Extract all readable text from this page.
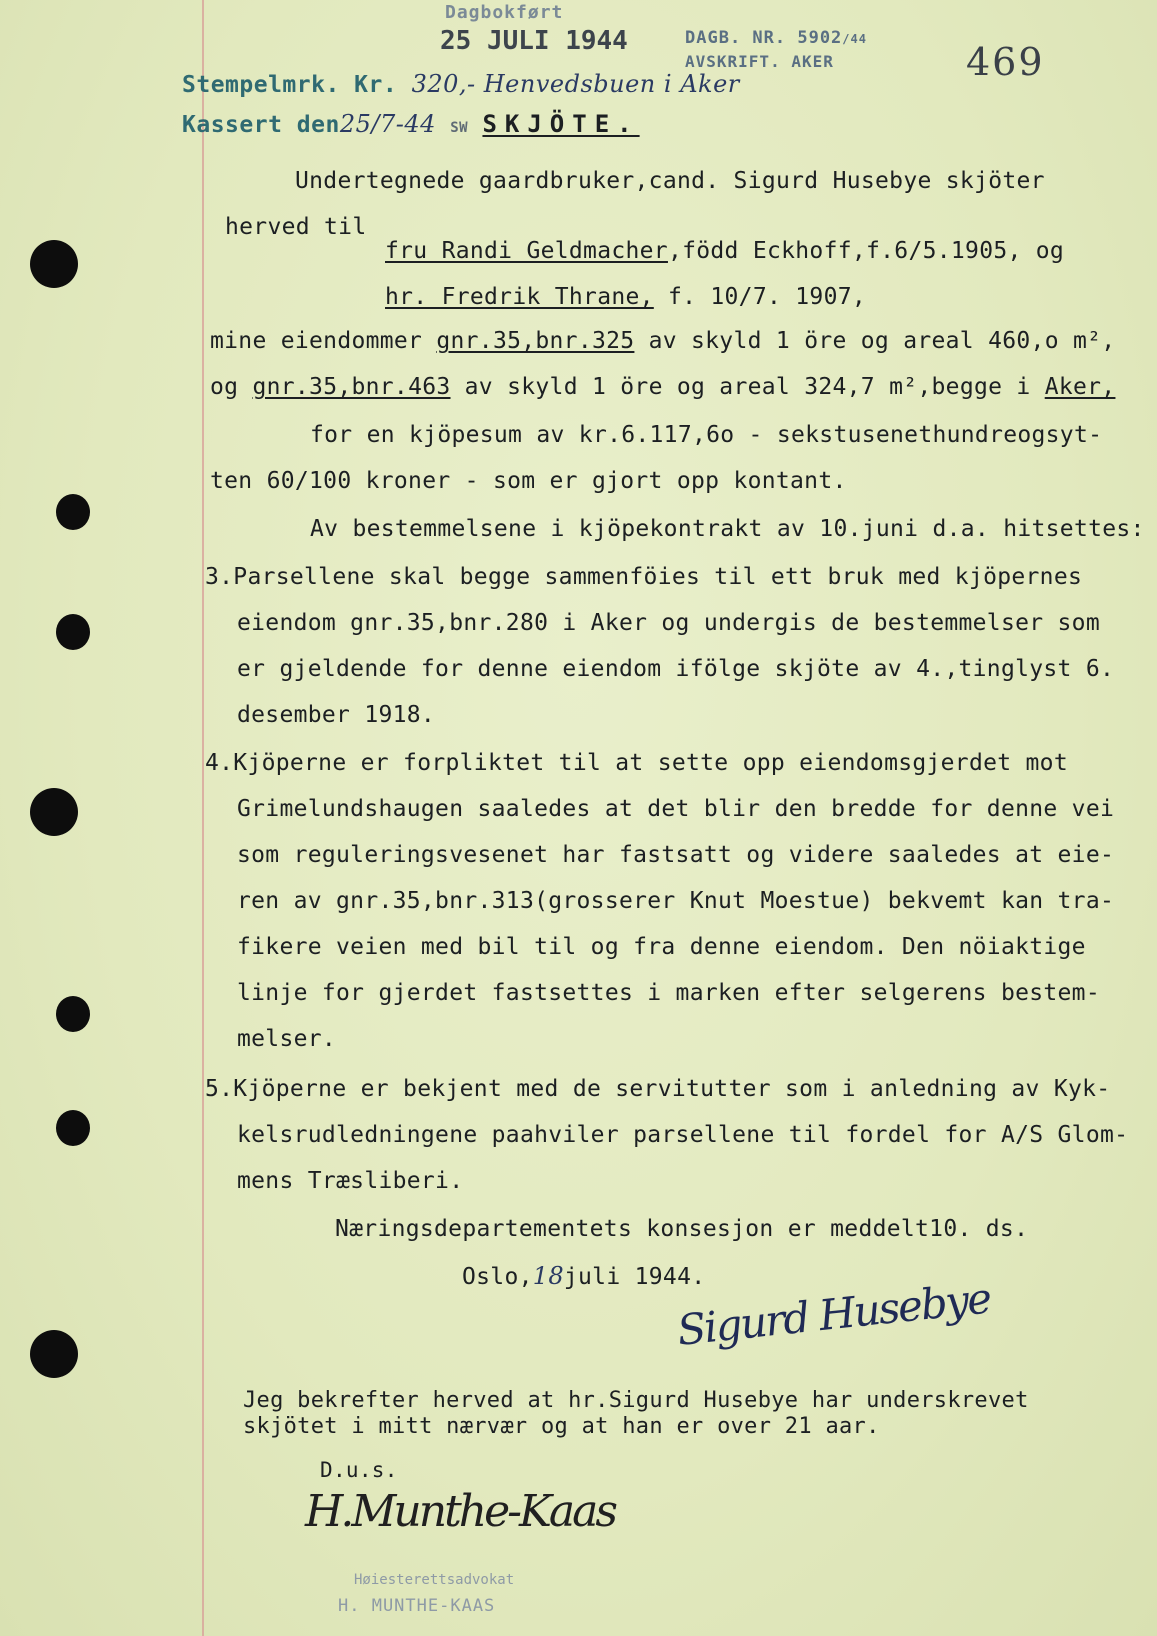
Dagbokført
25 JULI 1944	DAGB. NR. 5902/44
AVSKRIFT. AKER	469
Stempelmrk. Kr. 320,- Henvedsbuen i Aker
Kassert den25/7-44 SW SKJÖTE.
Undertegnede gaardbruker,cand. Sigurd Husebye skjöter
herved til
fru Randi Geldmacher,född Eckhoff,f.6/5.1905, og
hr. Fredrik Thrane, f. 10/7. 1907,
mine eiendommer gnr.35,bnr.325 av skyld 1 öre og areal 460,o m²,
og gnr.35,bnr.463 av skyld 1 öre og areal 324,7 m²,begge i Aker,
for en kjöpesum av kr.6.117,6o - sekstusenethundreogsyt-
ten 60/100 kroner - som er gjort opp kontant.
Av bestemmelsene i kjöpekontrakt av 10.juni d.a. hitsettes:
3.Parsellene skal begge sammenföies til ett bruk med kjöpernes
eiendom gnr.35,bnr.280 i Aker og undergis de bestemmelser som
er gjeldende for denne eiendom ifölge skjöte av 4.,tinglyst 6.
desember 1918.
4.Kjöperne er forpliktet til at sette opp eiendomsgjerdet mot
Grimelundshaugen saaledes at det blir den bredde for denne vei
som reguleringsvesenet har fastsatt og videre saaledes at eie-
ren av gnr.35,bnr.313(grosserer Knut Moestue) bekvemt kan tra-
fikere veien med bil til og fra denne eiendom. Den nöiaktige
linje for gjerdet fastsettes i marken efter selgerens bestem-
melser.
5.Kjöperne er bekjent med de servitutter som i anledning av Kyk-
kelsrudledningene paahviler parsellene til fordel for A/S Glom-
mens Træsliberi.
Næringsdepartementets konsesjon er meddelt10. ds.
Oslo,18juli 1944.
Sigurd Husebye
Jeg bekrefter herved at hr.Sigurd Husebye har underskrevet
skjötet i mitt nærvær og at han er over 21 aar.
D.u.s.
H.Munthe-Kaas
Høiesterettsadvokat
H. MUNTHE-KAAS
